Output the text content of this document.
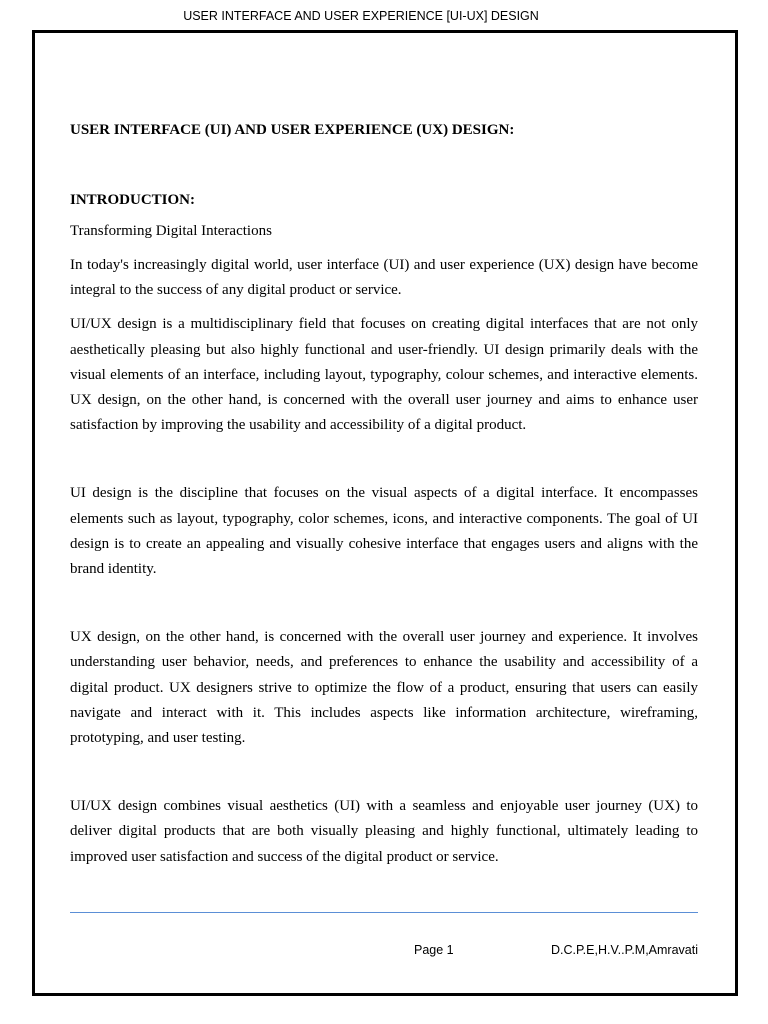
USER INTERFACE AND USER EXPERIENCE [UI-UX] DESIGN
USER INTERFACE (UI) AND USER EXPERIENCE (UX) DESIGN:
INTRODUCTION:

Transforming Digital Interactions

In today's increasingly digital world, user interface (UI) and user experience (UX) design have become integral to the success of any digital product or service.

UI/UX design is a multidisciplinary field that focuses on creating digital interfaces that are not only aesthetically pleasing but also highly functional and user-friendly. UI design primarily deals with the visual elements of an interface, including layout, typography, colour schemes, and interactive elements. UX design, on the other hand, is concerned with the overall user journey and aims to enhance user satisfaction by improving the usability and accessibility of a digital product.

UI design is the discipline that focuses on the visual aspects of a digital interface. It encompasses elements such as layout, typography, color schemes, icons, and interactive components. The goal of UI design is to create an appealing and visually cohesive interface that engages users and aligns with the brand identity.

UX design, on the other hand, is concerned with the overall user journey and experience. It involves understanding user behavior, needs, and preferences to enhance the usability and accessibility of a digital product. UX designers strive to optimize the flow of a product, ensuring that users can easily navigate and interact with it. This includes aspects like information architecture, wireframing, prototyping, and user testing.

UI/UX design combines visual aesthetics (UI) with a seamless and enjoyable user journey (UX) to deliver digital products that are both visually pleasing and highly functional, ultimately leading to improved user satisfaction and success of the digital product or service.

Page 1	D.C.P.E,H.V..P.M,Amravati
